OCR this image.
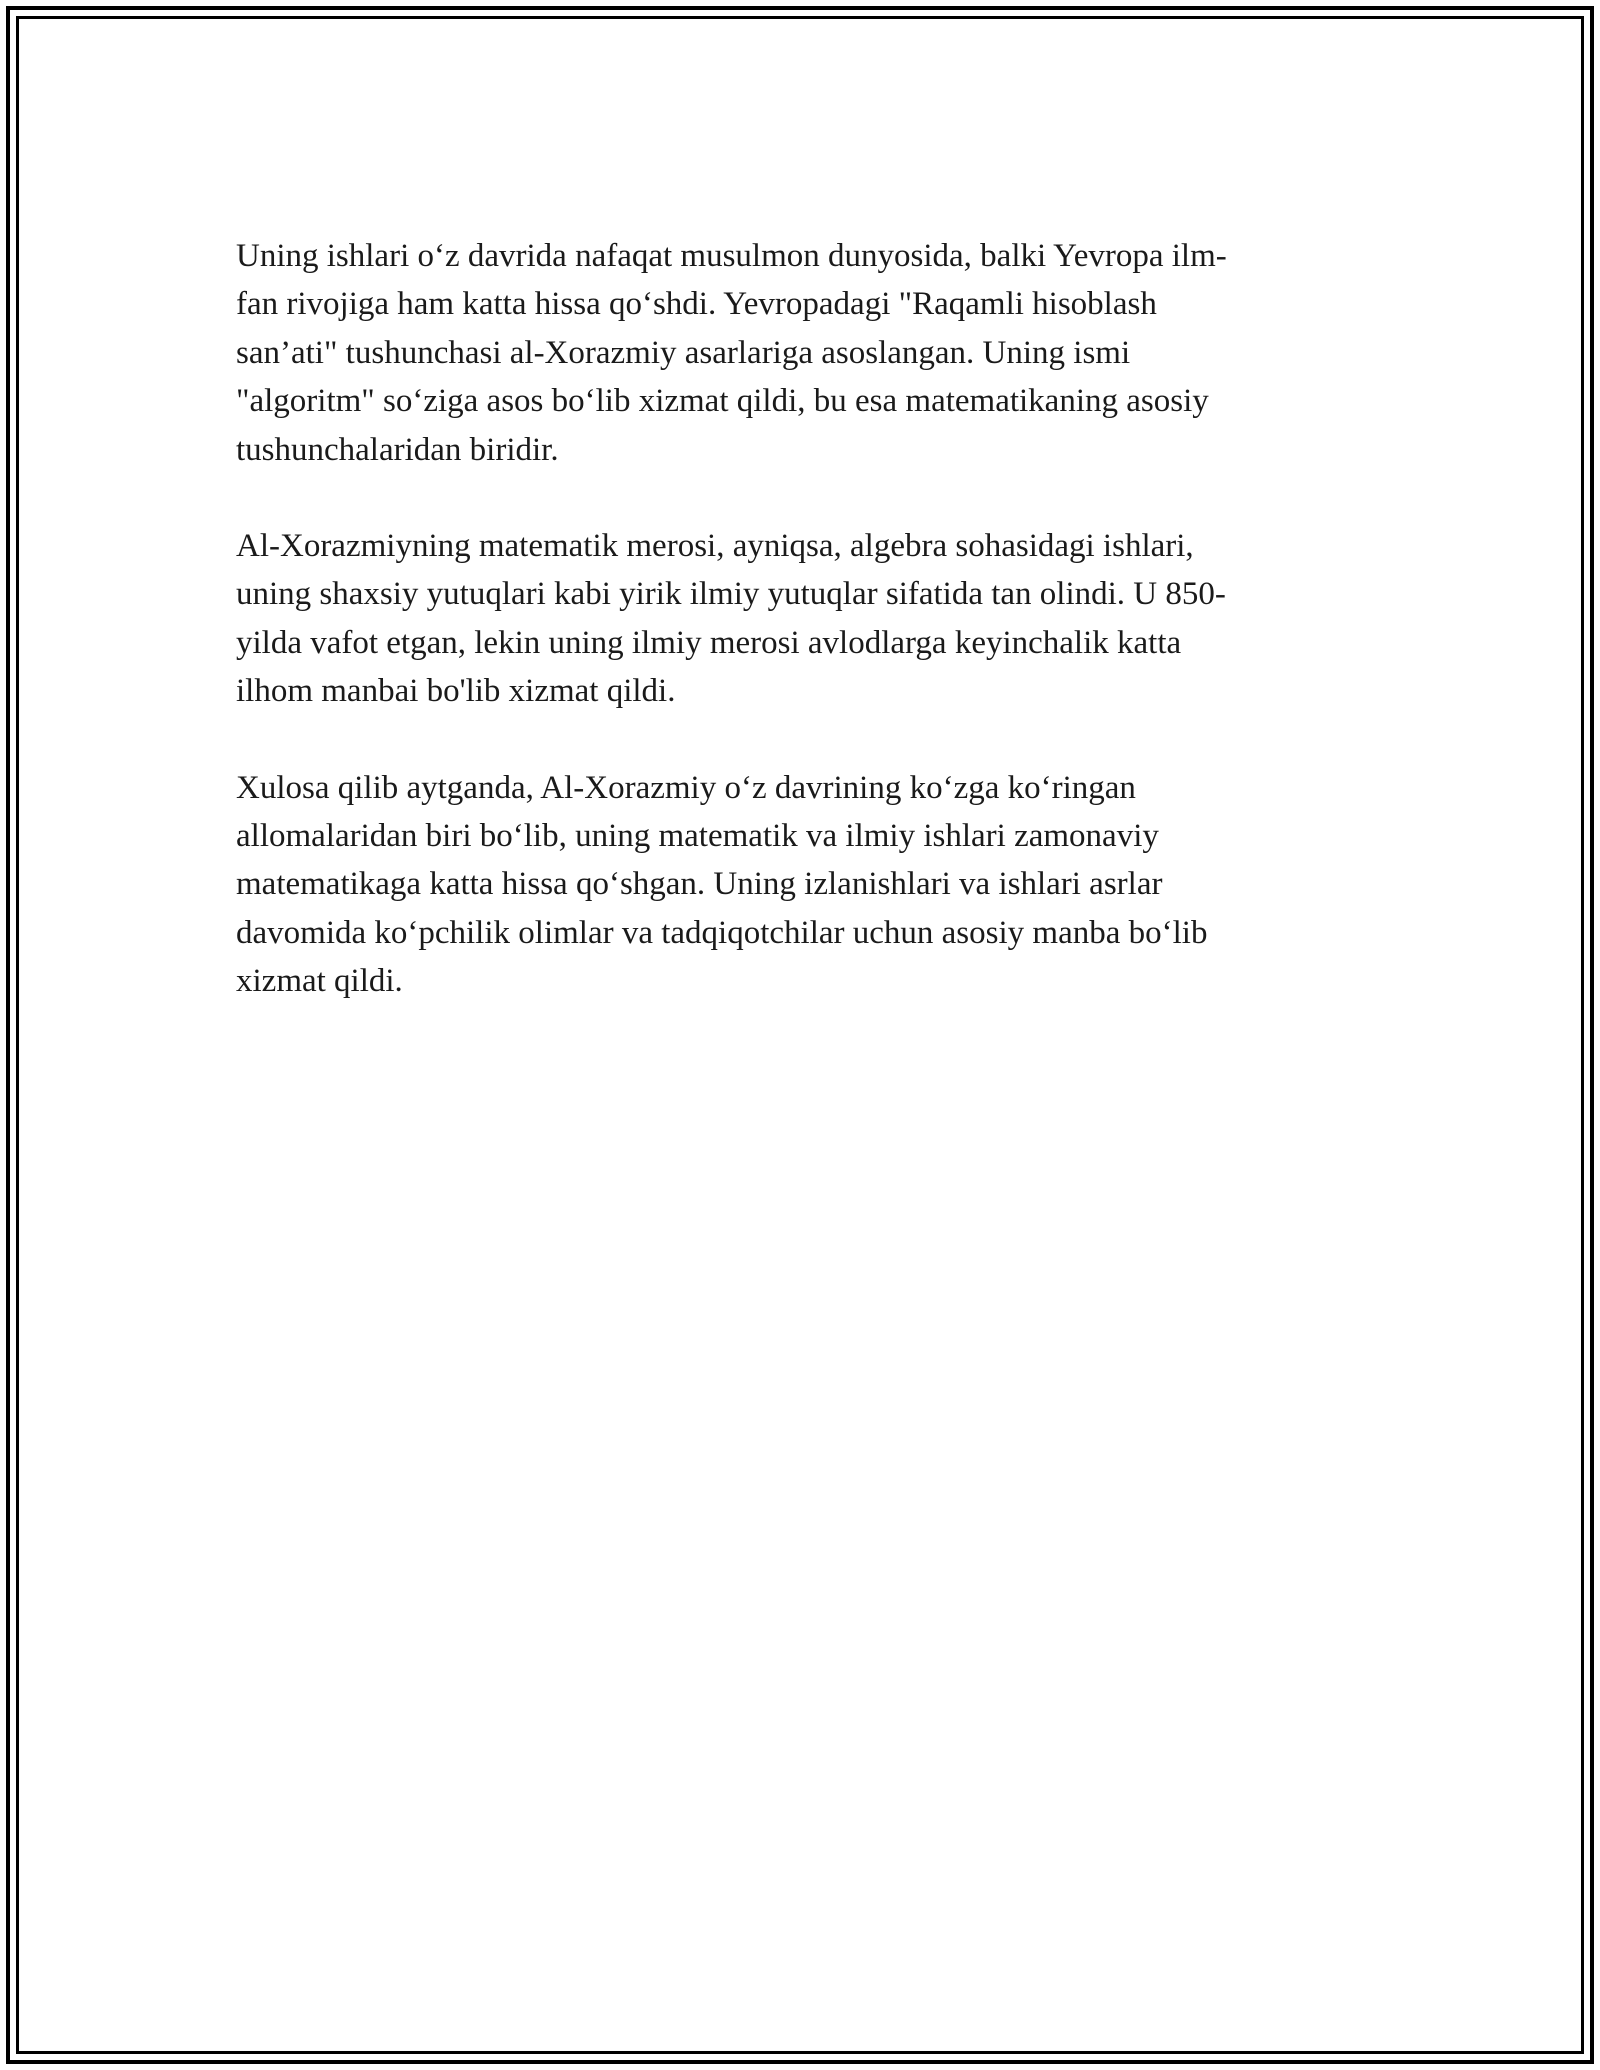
Uning ishlari o‘z davrida nafaqat musulmon dunyosida, balki Yevropa ilm-
fan rivojiga ham katta hissa qo‘shdi. Yevropadagi "Raqamli hisoblash
san’ati" tushunchasi al-Xorazmiy asarlariga asoslangan. Uning ismi
"algoritm" so‘ziga asos bo‘lib xizmat qildi, bu esa matematikaning asosiy
tushunchalaridan biridir.

Al-Xorazmiyning matematik merosi, ayniqsa, algebra sohasidagi ishlari,
uning shaxsiy yutuqlari kabi yirik ilmiy yutuqlar sifatida tan olindi. U 850-
yilda vafot etgan, lekin uning ilmiy merosi avlodlarga keyinchalik katta
ilhom manbai bo'lib xizmat qildi.

Xulosa qilib aytganda, Al-Xorazmiy o‘z davrining ko‘zga ko‘ringan
allomalaridan biri bo‘lib, uning matematik va ilmiy ishlari zamonaviy
matematikaga katta hissa qo‘shgan. Uning izlanishlari va ishlari asrlar
davomida ko‘pchilik olimlar va tadqiqotchilar uchun asosiy manba bo‘lib
xizmat qildi.
